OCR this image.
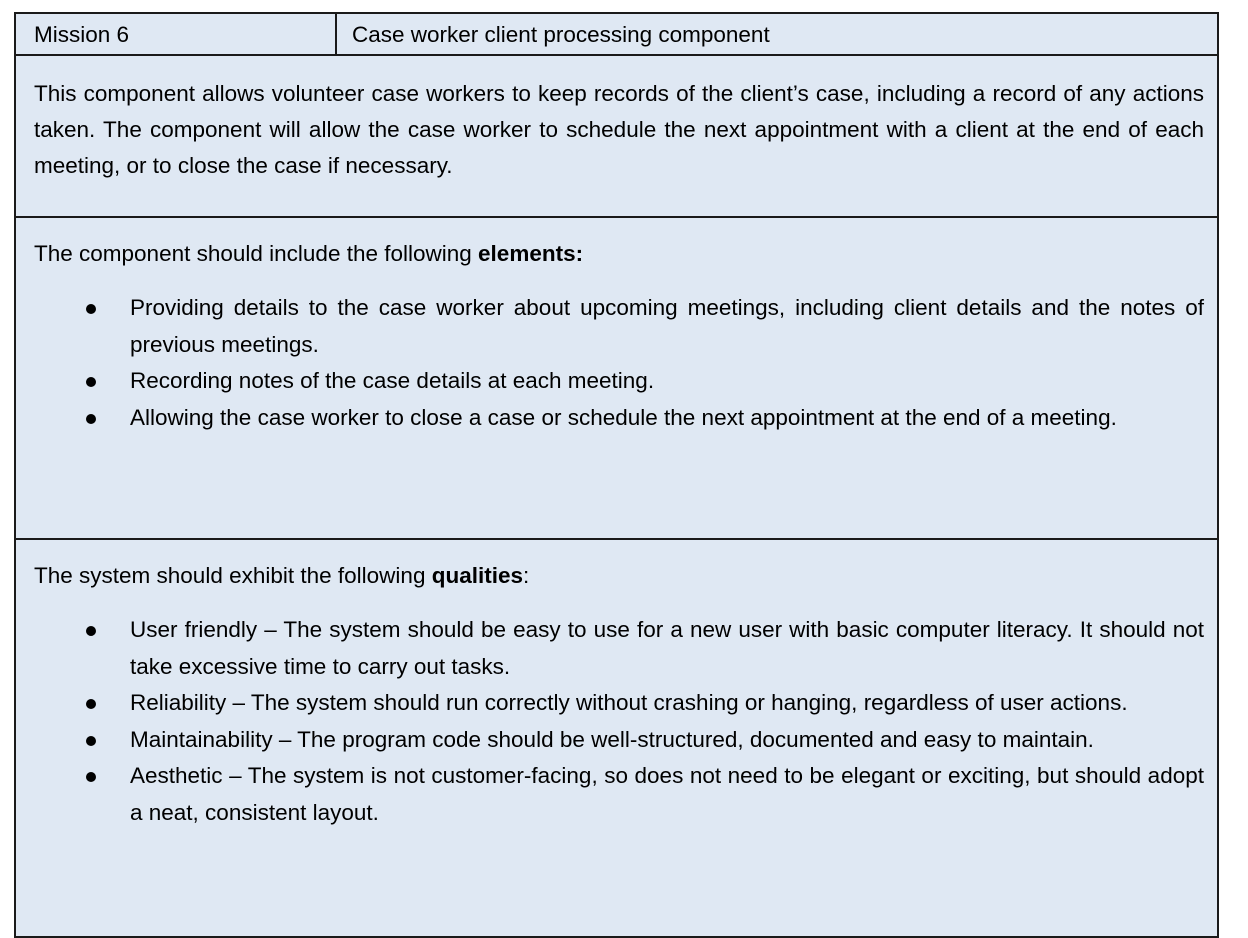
Mission 6	Case worker client processing component

This component allows volunteer case workers to keep records of the client’s case, including a record of any actions taken. The component will allow the case worker to schedule the next appointment with a client at the end of each meeting, or to close the case if necessary.

The component should include the following elements:

Providing details to the case worker about upcoming meetings, including client details and the notes of previous meetings.
Recording notes of the case details at each meeting.
Allowing the case worker to close a case or schedule the next appointment at the end of a meeting.

The system should exhibit the following qualities:

User friendly – The system should be easy to use for a new user with basic computer literacy. It should not take excessive time to carry out tasks.
Reliability – The system should run correctly without crashing or hanging, regardless of user actions.
Maintainability – The program code should be well-structured, documented and easy to maintain.
Aesthetic – The system is not customer-facing, so does not need to be elegant or exciting, but should adopt a neat, consistent layout.
